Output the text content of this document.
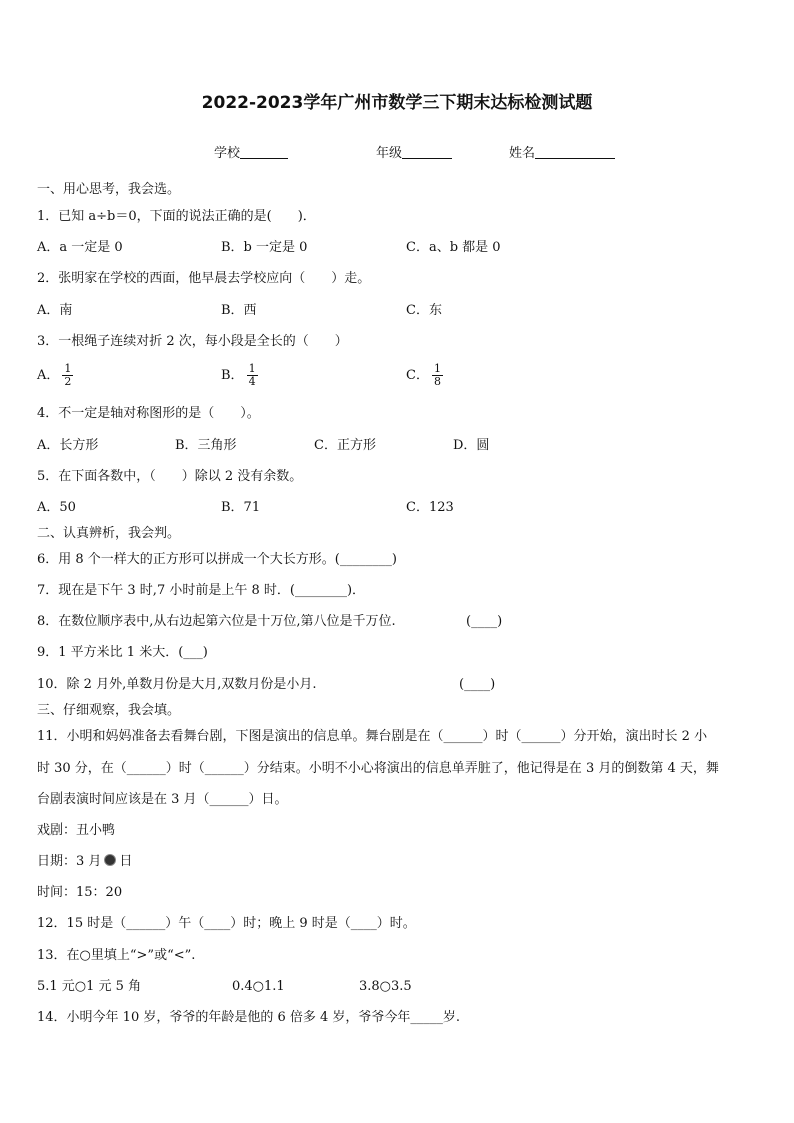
2022-2023学年广州市数学三下期末达标检测试题
学校	年级	姓名
一、用心思考，我会选。
1．已知 a÷b＝0，下面的说法正确的是(　　)．
A．a 一定是 0	B．b 一定是 0	C．a、b 都是 0
2．张明家在学校的西面，他早晨去学校应向（　　）走。
A．南	B．西	C．东
3．一根绳子连续对折 2 次，每小段是全长的（　　）
A． $\frac{1}{2}$	B． $\frac{1}{4}$	C． $\frac{1}{8}$
4．不一定是轴对称图形的是（　　）。
A．长方形	B．三角形	C．正方形	D．圆
5．在下面各数中，（　　）除以 2 没有余数。
A．50	B．71	C．123
二、认真辨析，我会判。
6．用 8 个一样大的正方形可以拼成一个大长方形。(________)
7．现在是下午 3 时,7 小时前是上午 8 时．(________)．
8．在数位顺序表中,从右边起第六位是十万位,第八位是千万位.	(____)
9．1 平方米比 1 米大．(___)
10．除 2 月外,单数月份是大月,双数月份是小月.	(____)
三、仔细观察，我会填。
11．小明和妈妈准备去看舞台剧，下图是演出的信息单。舞台剧是在（______）时（______）分开始，演出时长 2 小
时 30 分，在（______）时（______）分结束。小明不小心将演出的信息单弄脏了，他记得是在 3 月的倒数第 4 天，舞
台剧表演时间应该是在 3 月（______）日。
戏剧：丑小鸭
日期：3 月 日
时间：15：20
12．15 时是（______）午（____）时；晚上 9 时是（____）时。
13．在○里填上“>”或“<”.
5.1 元○1 元 5 角	0.4○1.1	3.8○3.5
14．小明今年 10 岁，爷爷的年龄是他的 6 倍多 4 岁，爷爷今年_____岁.
